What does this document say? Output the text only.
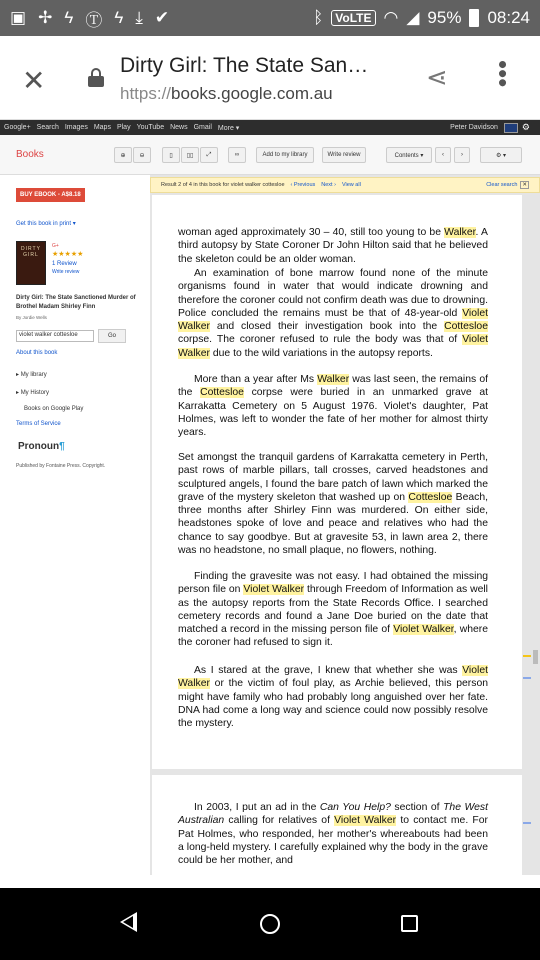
▣ ✢ ϟ Ⓣ ϟ ⤓ ✔	ᛒ	VoLTE ◠ ◢ 95% 08:24
✕	Dirty Girl: The State San…
https://books.google.com.au
⋖ •••
Google+ Search Images Maps Play YouTube News Gmail More ▾	Peter Davidson	⚙
Books	⊕	⊖	▯	▯▯	⤢	∞	Add to my library	Write review	Contents ▾	‹	›	⚙ ▾
BUY EBOOK - A$8.18
Get this book in print ▾
DIRTY GIRL
G+
★★★★★
1 Review
Write review
Dirty Girl: The State Sanctioned Murder of Brothel Madam Shirley Finn
By Jordie Wells
violet walker cottesloe	Go
About this book
▸ My library
▸ My History
Books on Google Play
Terms of Service
Pronoun¶
Published by Fontaine Press. Copyright.
Result 2 of 4 in this book for violet walker cottesloe ‹ Previous Next › View all	Clear search ✕

woman aged approximately 30 – 40, still too young to be Walker. A third autopsy by State Coroner Dr John Hilton said that he believed the skeleton could be an older woman.

An examination of bone marrow found none of the minute organisms found in water that would indicate drowning and therefore the coroner could not confirm death was due to drowning. Police concluded the remains must be that of 48-year-old Violet Walker and closed their investigation book into the Cottesloe corpse. The coroner refused to rule the body was that of Violet Walker due to the wild variations in the autopsy reports.

More than a year after Ms Walker was last seen, the remains of the Cottesloe corpse were buried in an unmarked grave at Karrakatta Cemetery on 5 August 1976. Violet's daughter, Pat Holmes, was left to wonder the fate of her mother for almost thirty years.

Set amongst the tranquil gardens of Karrakatta cemetery in Perth, past rows of marble pillars, tall crosses, carved headstones and sculptured angels, I found the bare patch of lawn which marked the grave of the mystery skeleton that washed up on Cottesloe Beach, three months after Shirley Finn was murdered. On either side, headstones spoke of love and peace and relatives who had the chance to say goodbye. But at gravesite 53, in lawn area 2, there was no headstone, no small plaque, no flowers, nothing.

Finding the gravesite was not easy. I had obtained the missing person file on Violet Walker through Freedom of Information as well as the autopsy reports from the State Records Office. I searched cemetery records and found a Jane Doe buried on the date that matched a record in the missing person file of Violet Walker, where the coroner had refused to sign it.

As I stared at the grave, I knew that whether she was Violet Walker or the victim of foul play, as Archie believed, this person might have family who had probably long anguished over her fate. DNA had come a long way and science could now possibly resolve the mystery.

In 2003, I put an ad in the Can You Help? section of The West Australian calling for relatives of Violet Walker to contact me. For Pat Holmes, who responded, her mother's whereabouts had been a long-held mystery. I carefully explained why the body in the grave could be her mother, and
